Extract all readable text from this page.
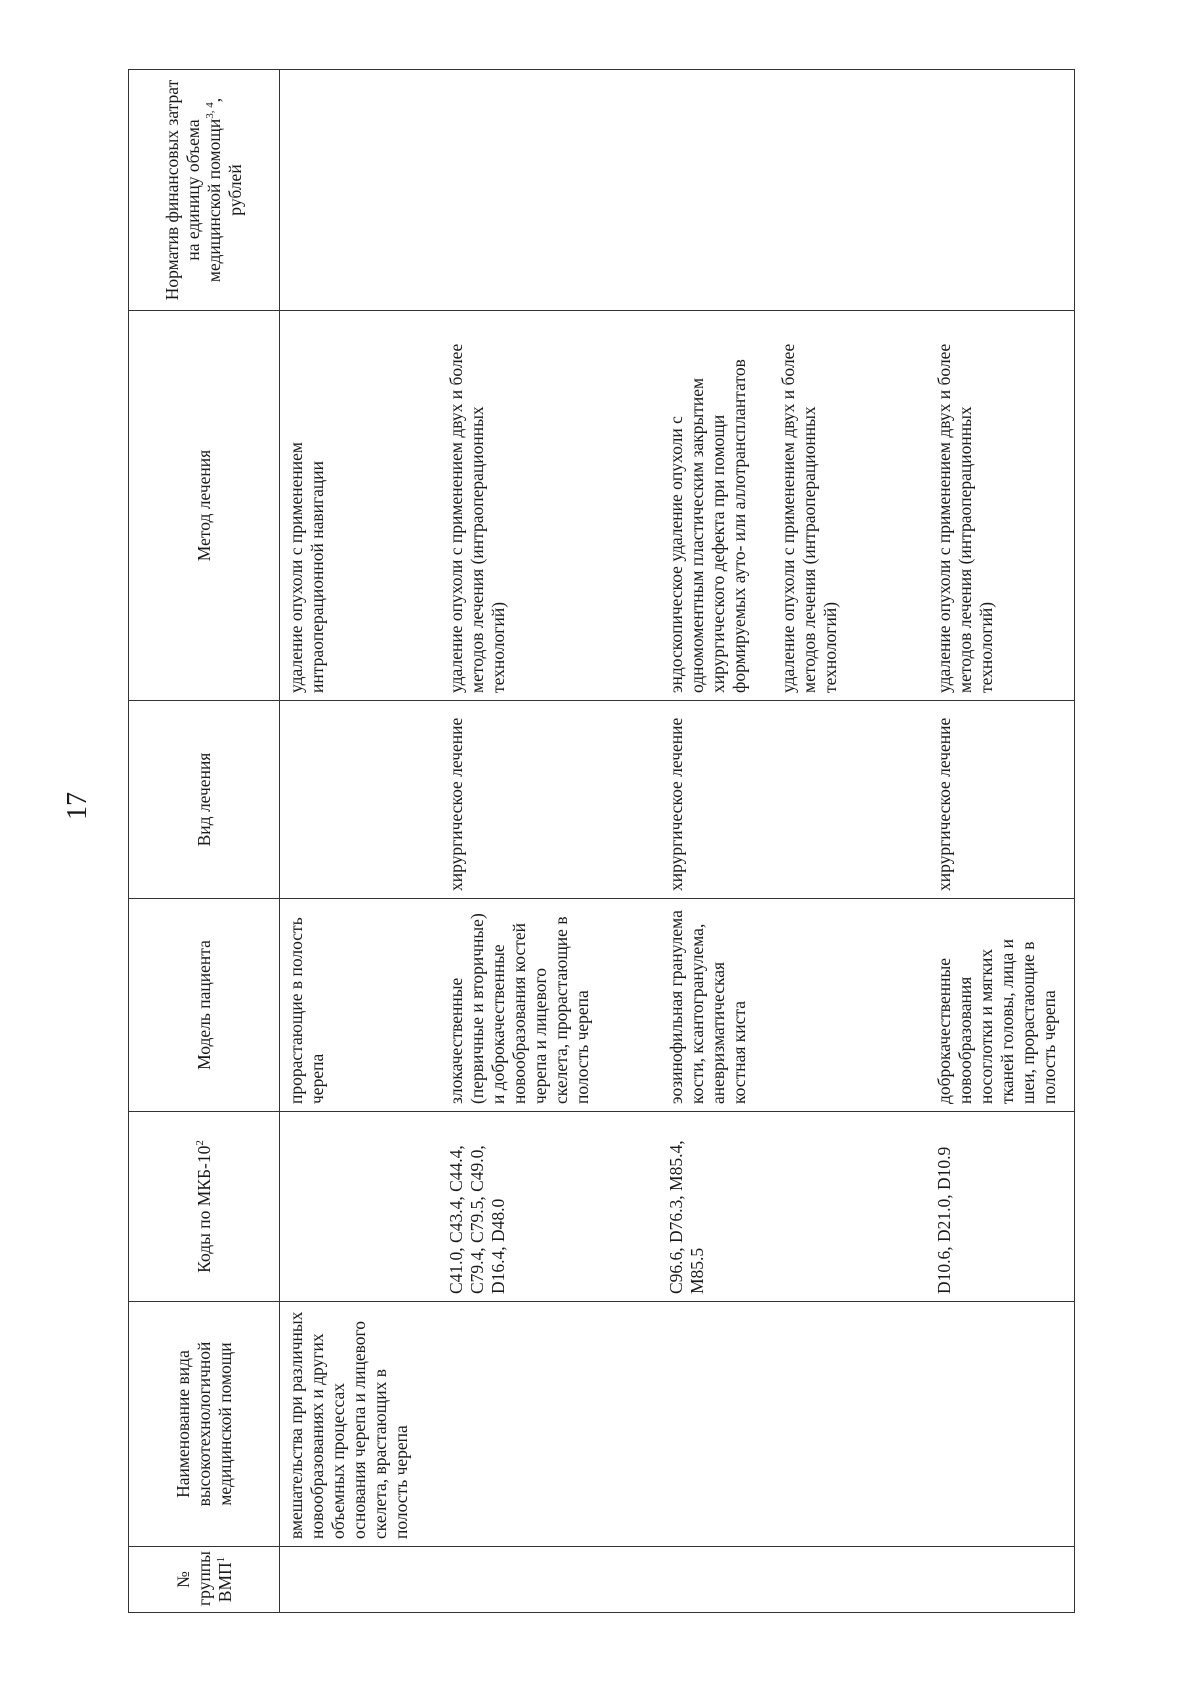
17
№ группы ВМП$^1$	Наименование вида высокотехнологичной медицинской помощи	Коды по МКБ-$10^2$	Модель пациента	Вид лечения	Метод лечения	Норматив финансовых затрат на единицу объема медицинской помощи$^{3, 4}$, рублей
	вмешательства при различных новообразованиях и других объемных процессах основания черепа и лицевого скелета, врастающих в полость черепа		прорастающие в полость черепа		удаление опухоли с применением интраоперационной навигации	
		C41.0, C43.4, C44.4, C79.4, C79.5, C49.0, D16.4, D48.0	злокачественные (первичные и вторичные) и доброкачественные новообразования костей черепа и лицевого скелета, прорастающие в полость черепа	хирургическое лечение	удаление опухоли с применением двух и более методов лечения (интраоперационных технологий)	
		C96.6, D76.3, M85.4, M85.5	эозинофильная гранулема кости, ксантогранулема, аневризматическая костная киста	хирургическое лечение	эндоскопическое удаление опухоли с одномоментным пластическим закрытием хирургического дефекта при помощи формируемых ауто- или аллотрансплантатов удаление опухоли с применением двух и более методов лечения (интраоперационных технологий)	

		D10.6, D21.0, D10.9	доброкачественные новообразования носоглотки и мягких тканей головы, лица и шеи, прорастающие в полость черепа	хирургическое лечение	удаление опухоли с применением двух и более методов лечения (интраоперационных технологий)	
